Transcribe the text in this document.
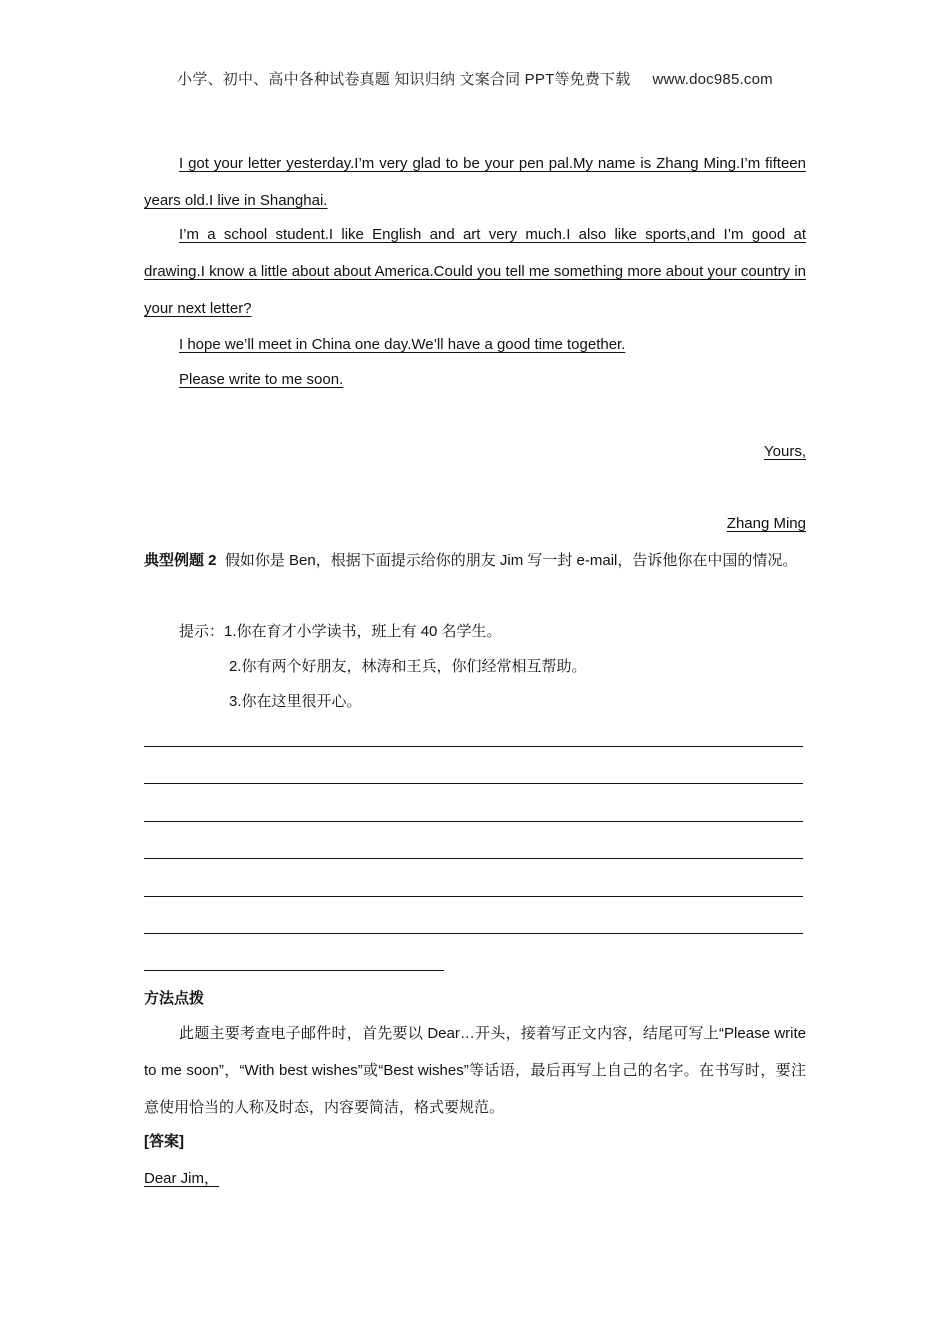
小学、初中、高中各种试卷真题 知识归纳 文案合同 PPT等免费下载 www.doc985.com

I got your letter yesterday.I’m very glad to be your pen pal.My name is Zhang Ming.I’m fifteen years old.I live in Shanghai.

I’m a school student.I like English and art very much.I also like sports,and I’m good at drawing.I know a little about about America.Could you tell me something more about your country in your next letter?

I hope we’ll meet in China one day.We’ll have a good time together.

Please write to me soon.

Yours,
Zhang Ming

典型例题 2 假如你是 Ben，根据下面提示给你的朋友 Jim 写一封 e-mail，告诉他你在中国的情况。

提示：1.你在育才小学读书，班上有 40 名学生。
2.你有两个好朋友，林涛和王兵，你们经常相互帮助。
3.你在这里很开心。

方法点拨

此题主要考查电子邮件时，首先要以 Dear…开头，接着写正文内容，结尾可写上“Please write to me soon”，“With best wishes”或“Best wishes”等话语，最后再写上自己的名字。在书写时，要注意使用恰当的人称及时态，内容要简洁，格式要规范。

[答案]

Dear Jim，
